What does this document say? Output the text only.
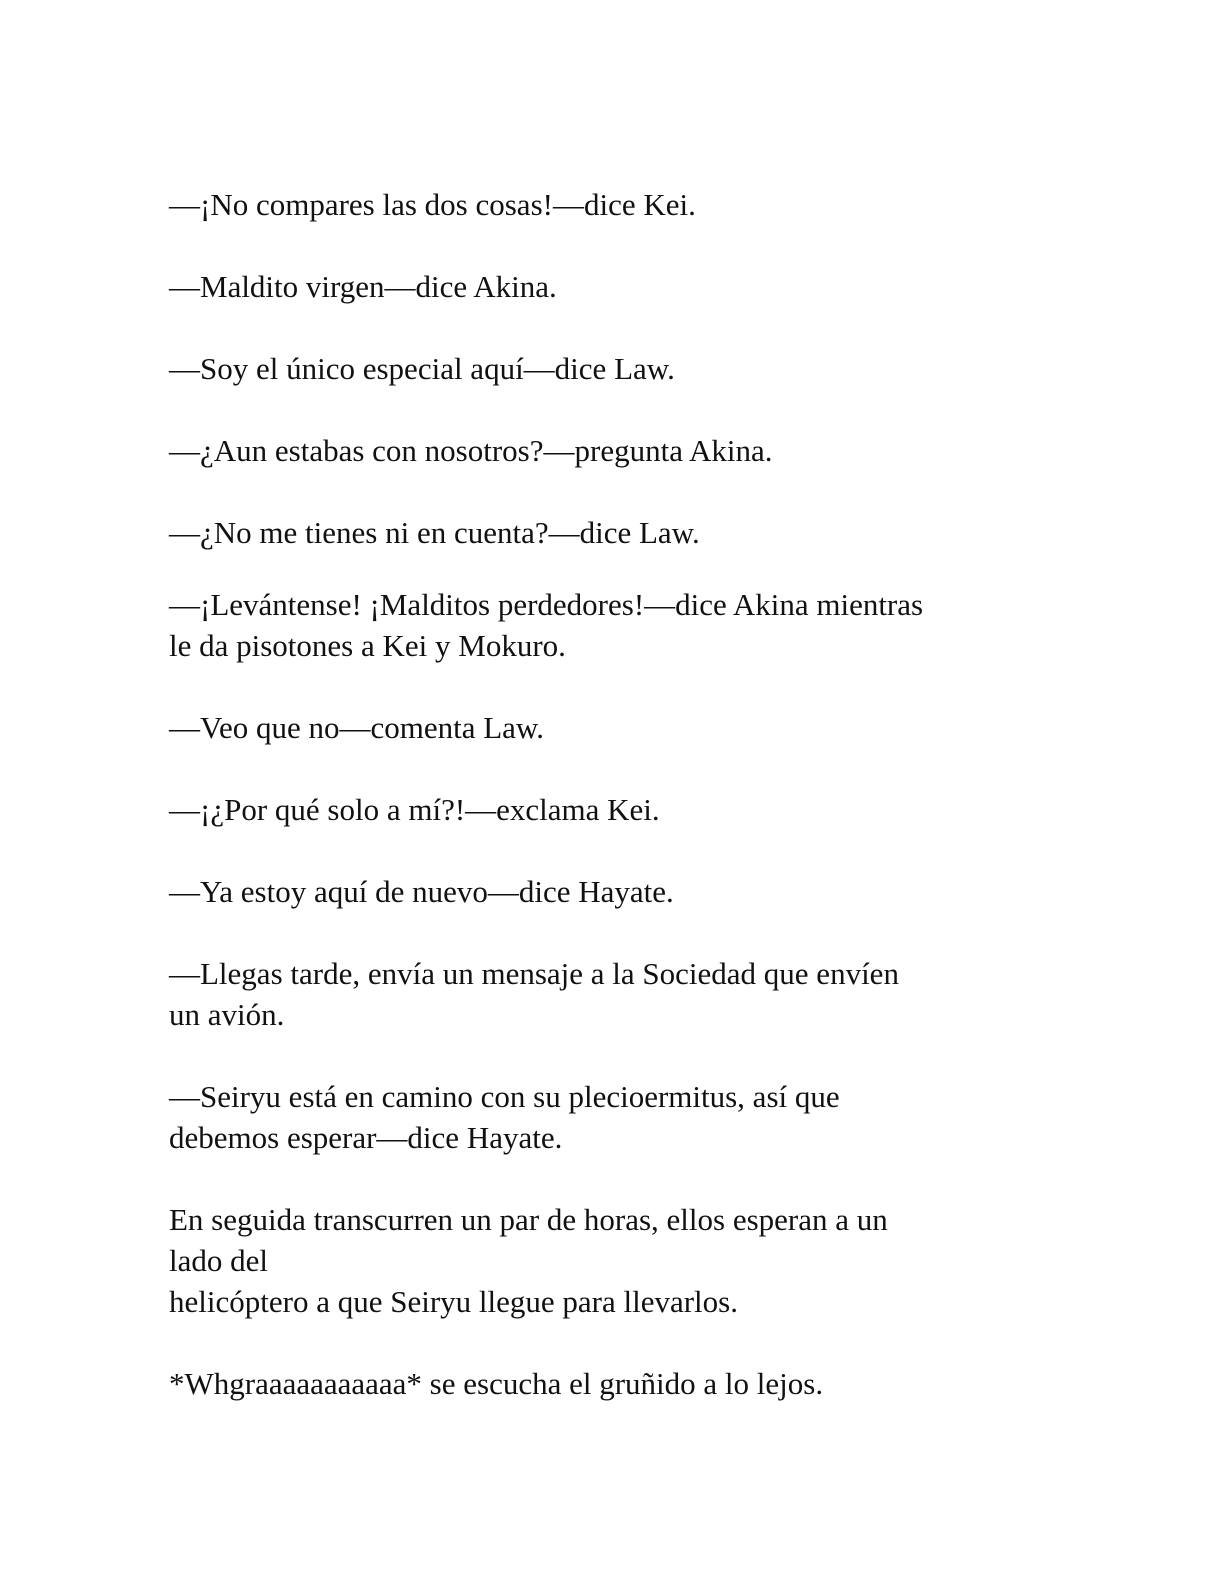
—¡No compares las dos cosas!—dice Kei.

—Maldito virgen—dice Akina.

—Soy el único especial aquí—dice Law.

—¿Aun estabas con nosotros?—pregunta Akina.

—¿No me tienes ni en cuenta?—dice Law.

—¡Levántense! ¡Malditos perdedores!—dice Akina mientras
le da pisotones a Kei y Mokuro.

—Veo que no—comenta Law.

—¡¿Por qué solo a mí?!—exclama Kei.

—Ya estoy aquí de nuevo—dice Hayate.

—Llegas tarde, envía un mensaje a la Sociedad que envíen
un avión.

—Seiryu está en camino con su plecioermitus, así que
debemos esperar—dice Hayate.

En seguida transcurren un par de horas, ellos esperan a un
lado del
helicóptero a que Seiryu llegue para llevarlos.

*Whgraaaaaaaaaaa* se escucha el gruñido a lo lejos.
